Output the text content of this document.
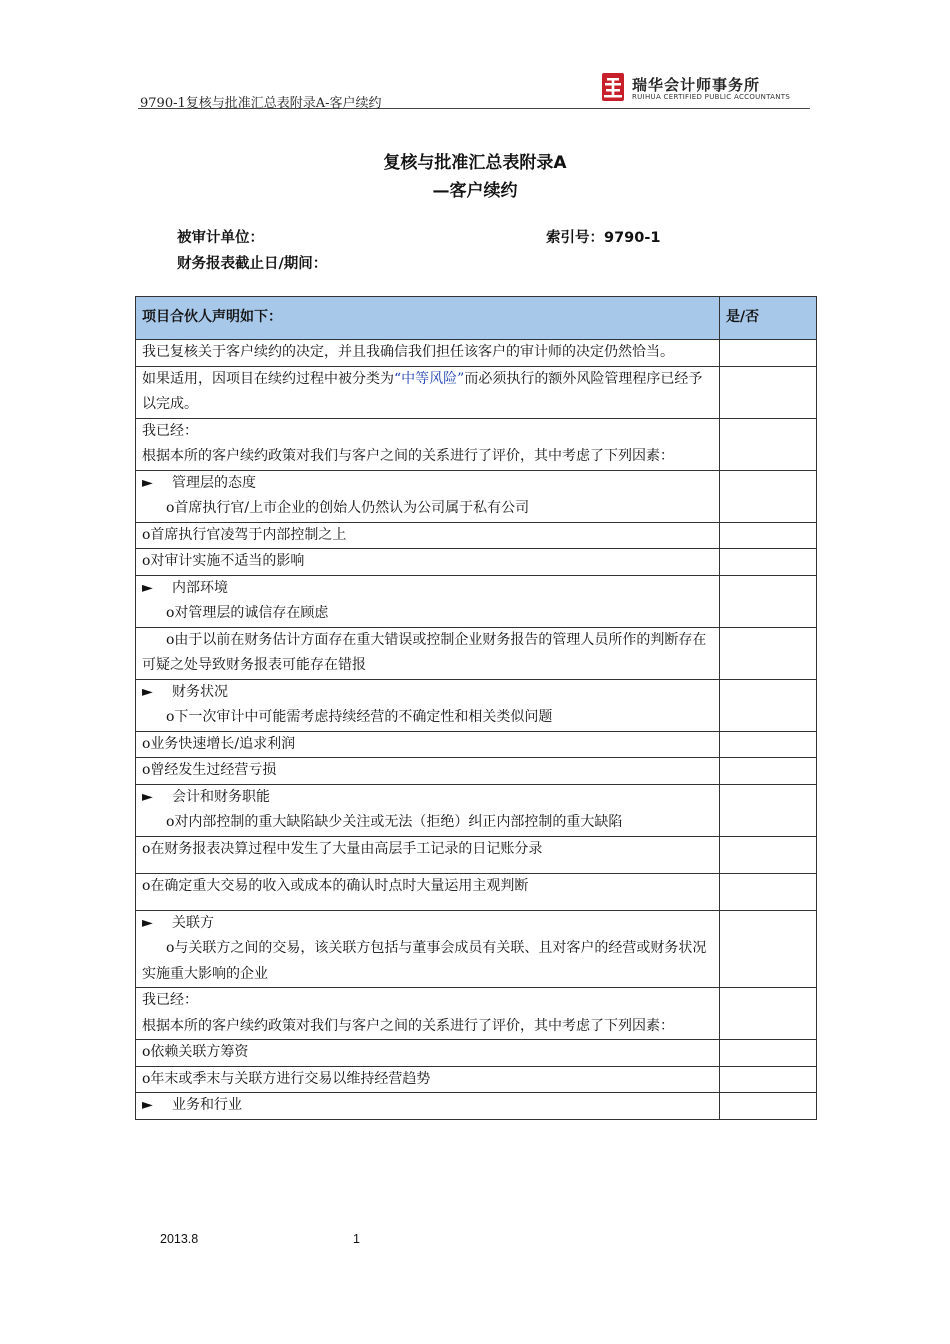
9790-1复核与批准汇总表附录A-客户续约
瑞华会计师事务所
RUIHUA CERTIFIED PUBLIC ACCOUNTANTS
复核与批准汇总表附录A
—客户续约
被审计单位：	索引号：9790-1
财务报表截止日/期间：
项目合伙人声明如下：	是/否
我已复核关于客户续约的决定，并且我确信我们担任该客户的审计师的决定仍然恰当。	
如果适用，因项目在续约过程中被分类为“中等风险”而必须执行的额外风险管理程序已经予以完成。	

我已经：
根据本所的客户续约政策对我们与客户之间的关系进行了评价，其中考虑了下列因素：	

► 管理层的态度
o首席执行官/上市企业的创始人仍然认为公司属于私有公司	

o首席执行官凌驾于内部控制之上	
o对审计实施不适当的影响	

► 内部环境
o对管理层的诚信存在顾虑	

o由于以前在财务估计方面存在重大错误或控制企业财务报告的管理人员所作的判断存在可疑之处导致财务报表可能存在错报	

► 财务状况
o下一次审计中可能需考虑持续经营的不确定性和相关类似问题	

o业务快速增长/追求利润	
o曾经发生过经营亏损	

► 会计和财务职能
o对内部控制的重大缺陷缺少关注或无法（拒绝）纠正内部控制的重大缺陷	

o在财务报表决算过程中发生了大量由高层手工记录的日记账分录	
o在确定重大交易的收入或成本的确认时点时大量运用主观判断	

► 关联方
o与关联方之间的交易，该关联方包括与董事会成员有关联、且对客户的经营或财务状况实施重大影响的企业	

我已经：
根据本所的客户续约政策对我们与客户之间的关系进行了评价，其中考虑了下列因素：	

o依赖关联方筹资	
o年末或季末与关联方进行交易以维持经营趋势	
► 业务和行业	
2013.8	1
